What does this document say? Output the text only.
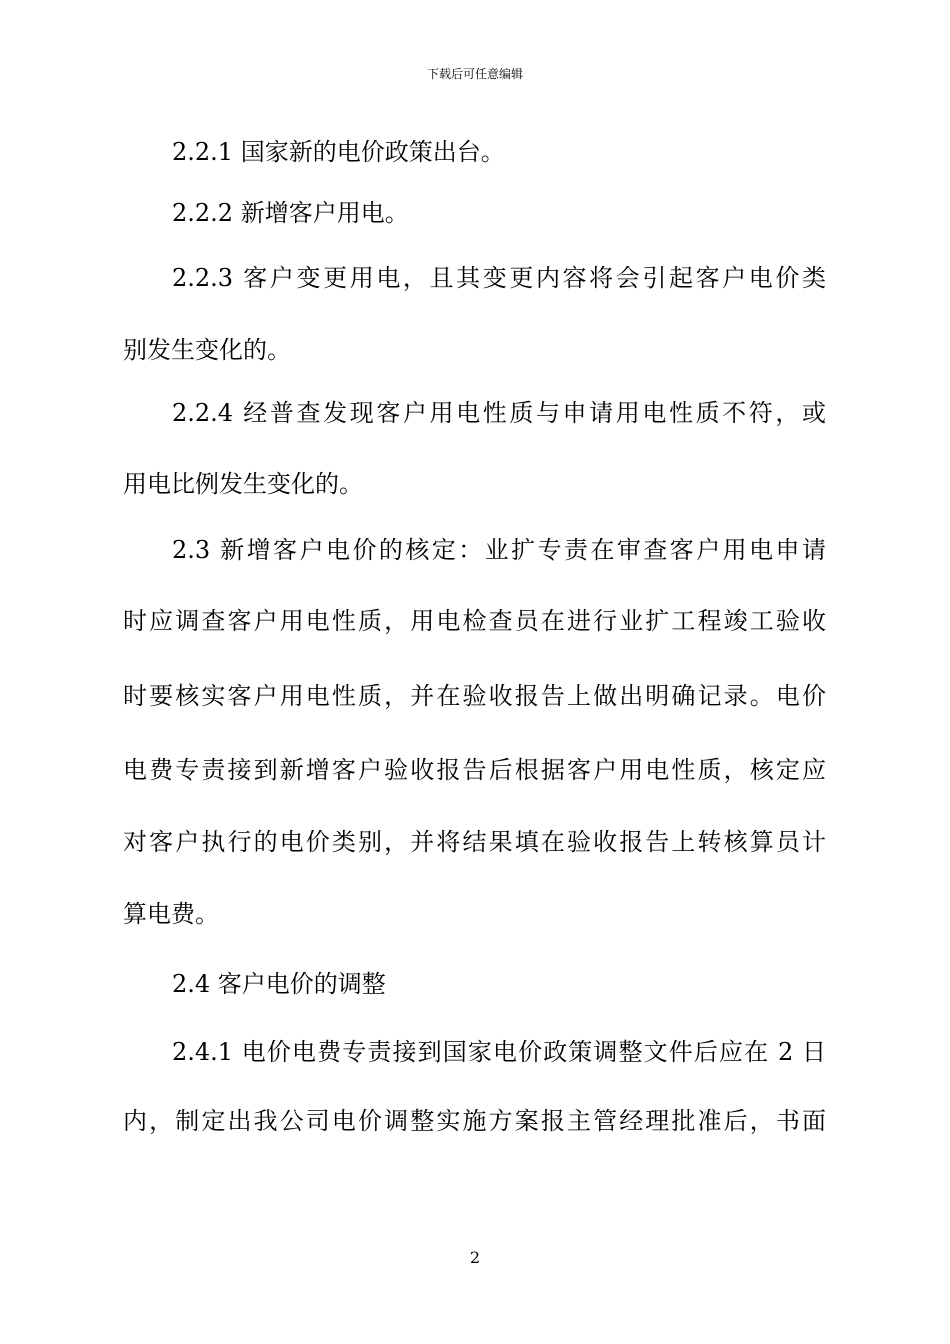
下载后可任意编辑
2.2.1 国家新的电价政策出台。
2.2.2 新增客户用电。
2.2.3 客户变更用电，且其变更内容将会引起客户电价类
别发生变化的。
2.2.4 经普查发现客户用电性质与申请用电性质不符，或
用电比例发生变化的。
2.3 新增客户电价的核定：业扩专责在审查客户用电申请
时应调查客户用电性质，用电检查员在进行业扩工程竣工验收
时要核实客户用电性质，并在验收报告上做出明确记录。电价
电费专责接到新增客户验收报告后根据客户用电性质，核定应
对客户执行的电价类别，并将结果填在验收报告上转核算员计
算电费。
2.4 客户电价的调整
2.4.1 电价电费专责接到国家电价政策调整文件后应在 2 日
内，制定出我公司电价调整实施方案报主管经理批准后，书面
2
